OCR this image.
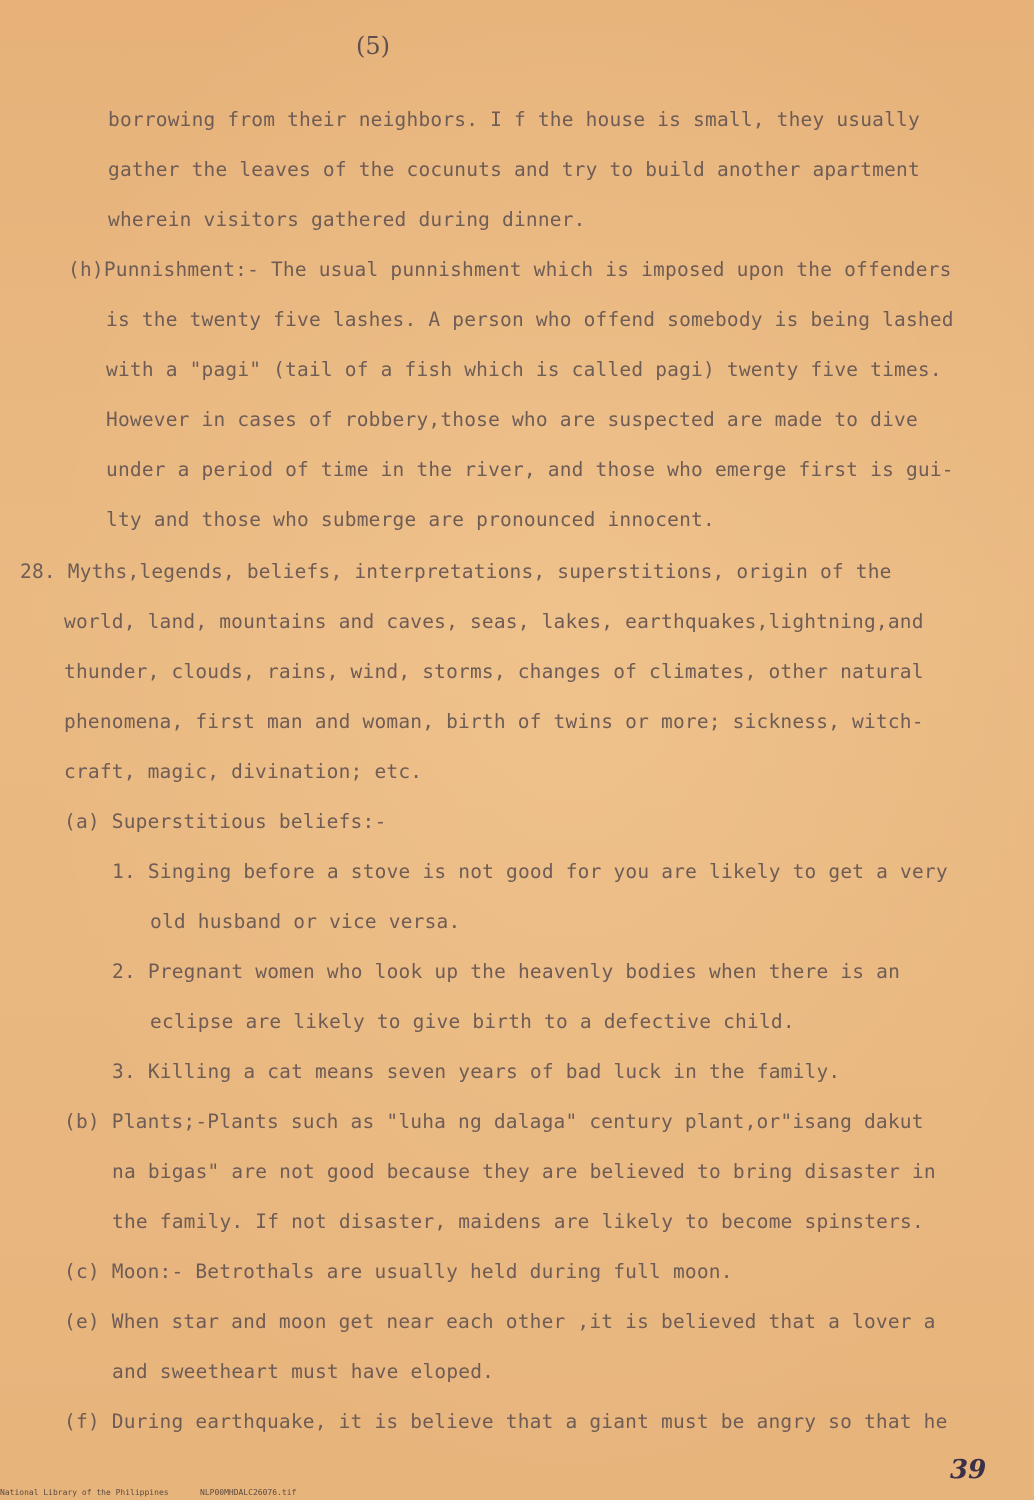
(5)
borrowing from their neighbors. I f the house is small, they usually
gather the leaves of the cocunuts and try to build another apartment
wherein visitors gathered during dinner.
(h)Punnishment:- The usual punnishment which is imposed upon the offenders
is the twenty five lashes. A person who offend somebody is being lashed
with a "pagi" (tail of a fish which is called pagi) twenty five times.
However in cases of robbery,those who are suspected are made to dive
under a period of time in the river, and those who emerge first is gui-
lty and those who submerge are pronounced innocent.
28. Myths,legends, beliefs, interpretations, superstitions, origin of the
world, land, mountains and caves, seas, lakes, earthquakes,lightning,and
thunder, clouds, rains, wind, storms, changes of climates, other natural
phenomena, first man and woman, birth of twins or more; sickness, witch-
craft, magic, divination; etc.
(a) Superstitious beliefs:-
1. Singing before a stove is not good for you are likely to get a very
old husband or vice versa.
2. Pregnant women who look up the heavenly bodies when there is an
eclipse are likely to give birth to a defective child.
3. Killing a cat means seven years of bad luck in the family.
(b) Plants;-Plants such as "luha ng dalaga" century plant,or"isang dakut
na bigas" are not good because they are believed to bring disaster in
the family. If not disaster, maidens are likely to become spinsters.
(c) Moon:- Betrothals are usually held during full moon.
(e) When star and moon get near each other ,it is believed that a lover a
and sweetheart must have eloped.
(f) During earthquake, it is believe that a giant must be angry so that he
39
National Library of the Philippines	NLP00MHDALC26076.tif
